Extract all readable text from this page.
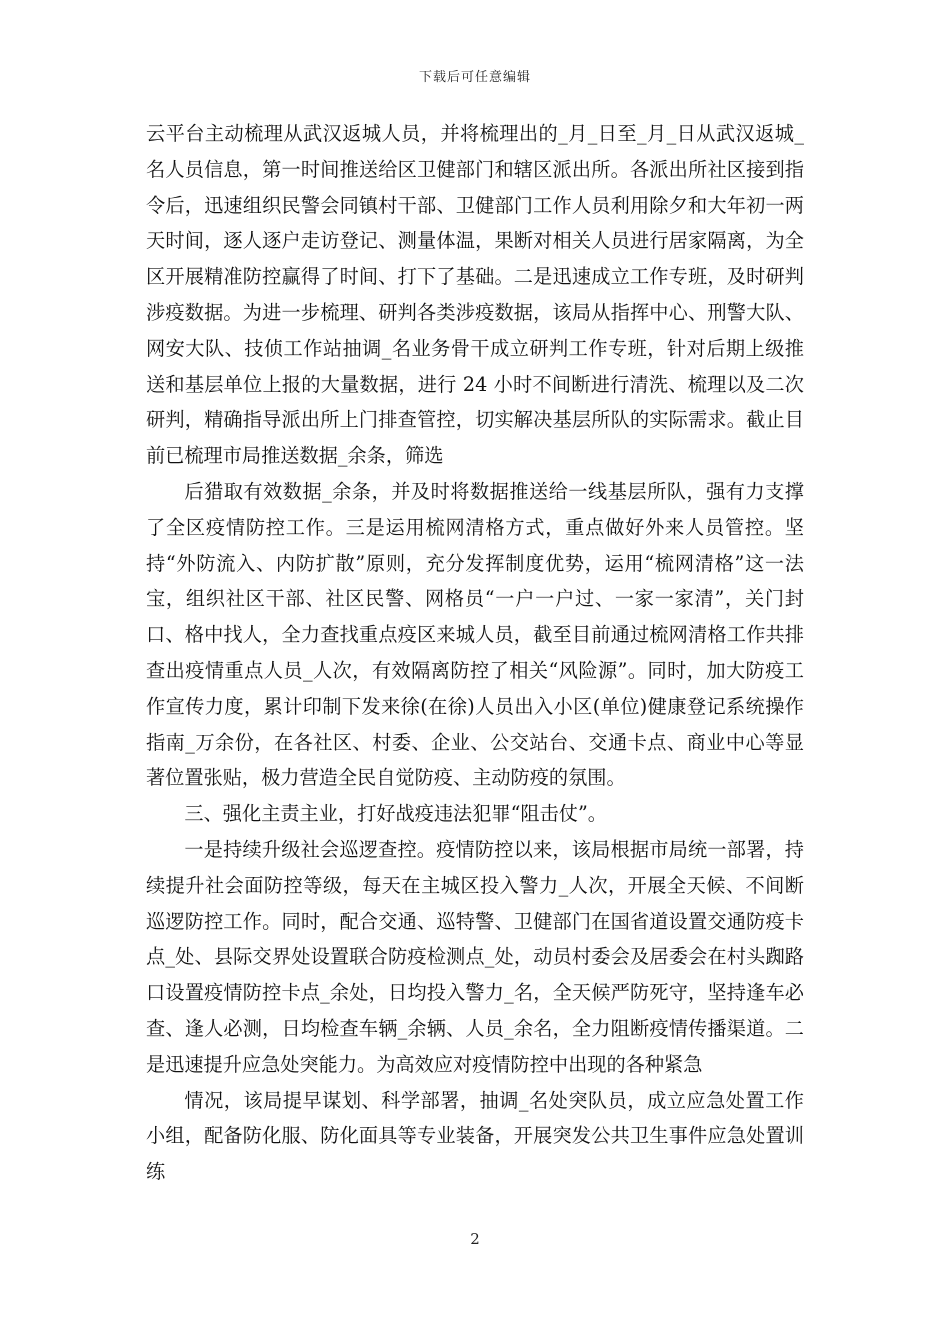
下载后可任意编辑

云平台主动梳理从武汉返城人员，并将梳理出的_月_日至_月_日从武汉返城_名人员信息，第一时间推送给区卫健部门和辖区派出所。各派出所社区接到指令后，迅速组织民警会同镇村干部、卫健部门工作人员利用除夕和大年初一两天时间，逐人逐户走访登记、测量体温，果断对相关人员进行居家隔离，为全区开展精准防控赢得了时间、打下了基础。二是迅速成立工作专班，及时研判涉疫数据。为进一步梳理、研判各类涉疫数据，该局从指挥中心、刑警大队、网安大队、技侦工作站抽调_名业务骨干成立研判工作专班，针对后期上级推送和基层单位上报的大量数据，进行 24 小时不间断进行清洗、梳理以及二次研判，精确指导派出所上门排查管控，切实解决基层所队的实际需求。截止目前已梳理市局推送数据_余条，筛选

后猎取有效数据_余条，并及时将数据推送给一线基层所队，强有力支撑了全区疫情防控工作。三是运用梳网清格方式，重点做好外来人员管控。坚持“外防流入、内防扩散”原则，充分发挥制度优势，运用“梳网清格”这一法宝，组织社区干部、社区民警、网格员“一户一户过、一家一家清”，关门封口、格中找人，全力查找重点疫区来城人员，截至目前通过梳网清格工作共排查出疫情重点人员_人次，有效隔离防控了相关“风险源”。同时，加大防疫工作宣传力度，累计印制下发来徐(在徐)人员出入小区(单位)健康登记系统操作指南_万余份，在各社区、村委、企业、公交站台、交通卡点、商业中心等显著位置张贴，极力营造全民自觉防疫、主动防疫的氛围。

三、强化主责主业，打好战疫违法犯罪“阻击仗”。

一是持续升级社会巡逻查控。疫情防控以来，该局根据市局统一部署，持续提升社会面防控等级，每天在主城区投入警力_人次，开展全天候、不间断巡逻防控工作。同时，配合交通、巡特警、卫健部门在国省道设置交通防疫卡点_处、县际交界处设置联合防疫检测点_处，动员村委会及居委会在村头踟路口设置疫情防控卡点_余处，日均投入警力_名，全天候严防死守，坚持逢车必查、逢人必测，日均检查车辆_余辆、人员_余名，全力阻断疫情传播渠道。二是迅速提升应急处突能力。为高效应对疫情防控中出现的各种紧急

情况，该局提早谋划、科学部署，抽调_名处突队员，成立应急处置工作小组，配备防化服、防化面具等专业装备，开展突发公共卫生事件应急处置训练

2
